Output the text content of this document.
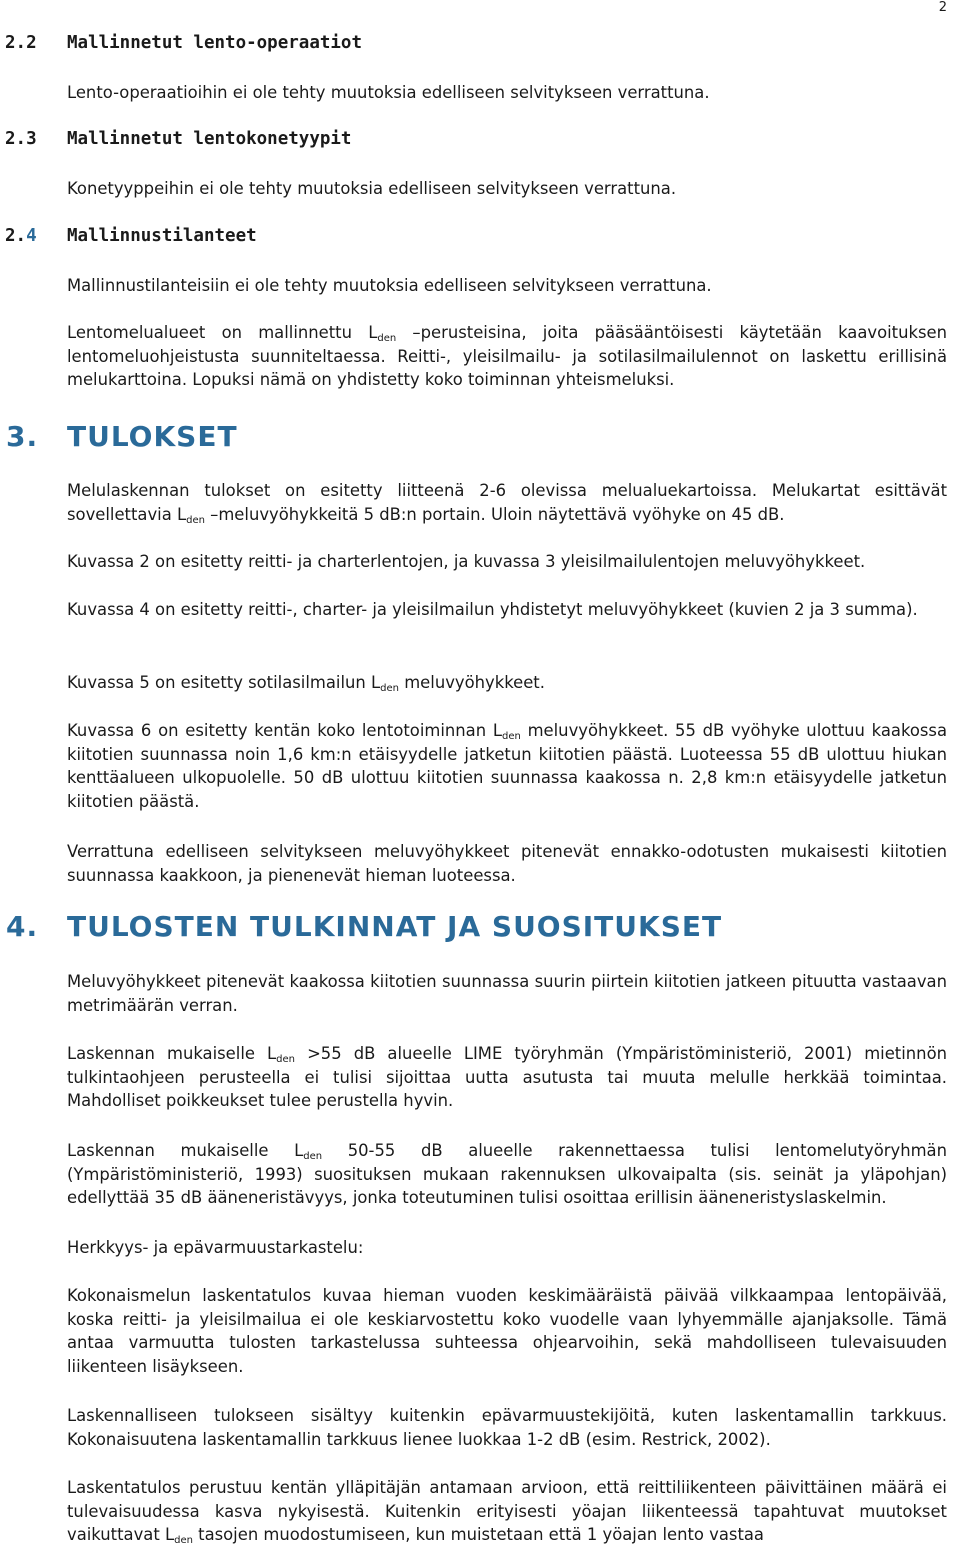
2
2.2 Mallinnetut lento-operaatiot
Lento-operaatioihin ei ole tehty muutoksia edelliseen selvitykseen verrattuna.
2.3 Mallinnetut lentokonetyypit
Konetyyppeihin ei ole tehty muutoksia edelliseen selvitykseen verrattuna.
2.4 Mallinnustilanteet
Mallinnustilanteisiin ei ole tehty muutoksia edelliseen selvitykseen verrattuna.
Lentomelualueet on mallinnettu $L_{den}$ –perusteisina, joita pääsääntöisesti käytetään kaavoituksen lentomeluohjeistusta suunniteltaessa. Reitti-, yleisilmailu- ja sotilasilmailulennot on laskettu erillisinä melukarttoina. Lopuksi nämä on yhdistetty koko toiminnan yhteismeluksi.
3. TULOKSET
Melulaskennan tulokset on esitetty liitteenä 2-6 olevissa melualuekartoissa. Melukartat esittävät sovellettavia $L_{den}$ –meluvyöhykkeitä 5 dB:n portain. Uloin näytettävä vyöhyke on 45 dB.
Kuvassa 2 on esitetty reitti- ja charterlentojen, ja kuvassa 3 yleisilmailulentojen meluvyöhykkeet.
Kuvassa 4 on esitetty reitti-, charter- ja yleisilmailun yhdistetyt meluvyöhykkeet (kuvien 2 ja 3 summa).
Kuvassa 5 on esitetty sotilasilmailun $L_{den}$ meluvyöhykkeet.
Kuvassa 6 on esitetty kentän koko lentotoiminnan $L_{den}$ meluvyöhykkeet. 55 dB vyöhyke ulottuu kaakossa kiitotien suunnassa noin 1,6 km:n etäisyydelle jatketun kiitotien päästä. Luoteessa 55 dB ulottuu hiukan kenttäalueen ulkopuolelle. 50 dB ulottuu kiitotien suunnassa kaakossa n. 2,8 km:n etäisyydelle jatketun kiitotien päästä.
Verrattuna edelliseen selvitykseen meluvyöhykkeet pitenevät ennakko-odotusten mukaisesti kiitotien suunnassa kaakkoon, ja pienenevät hieman luoteessa.
4. TULOSTEN TULKINNAT JA SUOSITUKSET
Meluvyöhykkeet pitenevät kaakossa kiitotien suunnassa suurin piirtein kiitotien jatkeen pituutta vastaavan metrimäärän verran.
Laskennan mukaiselle $L_{den} >55$ dB alueelle LIME työryhmän (Ympäristöministeriö, 2001) mietinnön tulkintaohjeen perusteella ei tulisi sijoittaa uutta asutusta tai muuta melulle herkkää toimintaa. Mahdolliset poikkeukset tulee perustella hyvin.
Laskennan mukaiselle $L_{den}$ 50-55 dB alueelle rakennettaessa tulisi lentomelutyöryhmän (Ympäristöministeriö, 1993) suosituksen mukaan rakennuksen ulkovaipalta (sis. seinät ja yläpohjan) edellyttää 35 dB ääneneristävyys, jonka toteutuminen tulisi osoittaa erillisin ääneneristyslaskelmin.
Herkkyys- ja epävarmuustarkastelu:
Kokonaismelun laskentatulos kuvaa hieman vuoden keskimääräistä päivää vilkkaampaa lentopäivää, koska reitti- ja yleisilmailua ei ole keskiarvostettu koko vuodelle vaan lyhyemmälle ajanjaksolle. Tämä antaa varmuutta tulosten tarkastelussa suhteessa ohjearvoihin, sekä mahdolliseen tulevaisuuden liikenteen lisäykseen.
Laskennalliseen tulokseen sisältyy kuitenkin epävarmuustekijöitä, kuten laskentamallin tarkkuus. Kokonaisuutena laskentamallin tarkkuus lienee luokkaa 1-2 dB (esim. Restrick, 2002).
Laskentatulos perustuu kentän ylläpitäjän antamaan arvioon, että reittiliikenteen päivittäinen määrä ei tulevaisuudessa kasva nykyisestä. Kuitenkin erityisesti yöajan liikenteessä tapahtuvat muutokset vaikuttavat $L_{den}$ tasojen muodostumiseen, kun muistetaan että 1 yöajan lento vastaa
